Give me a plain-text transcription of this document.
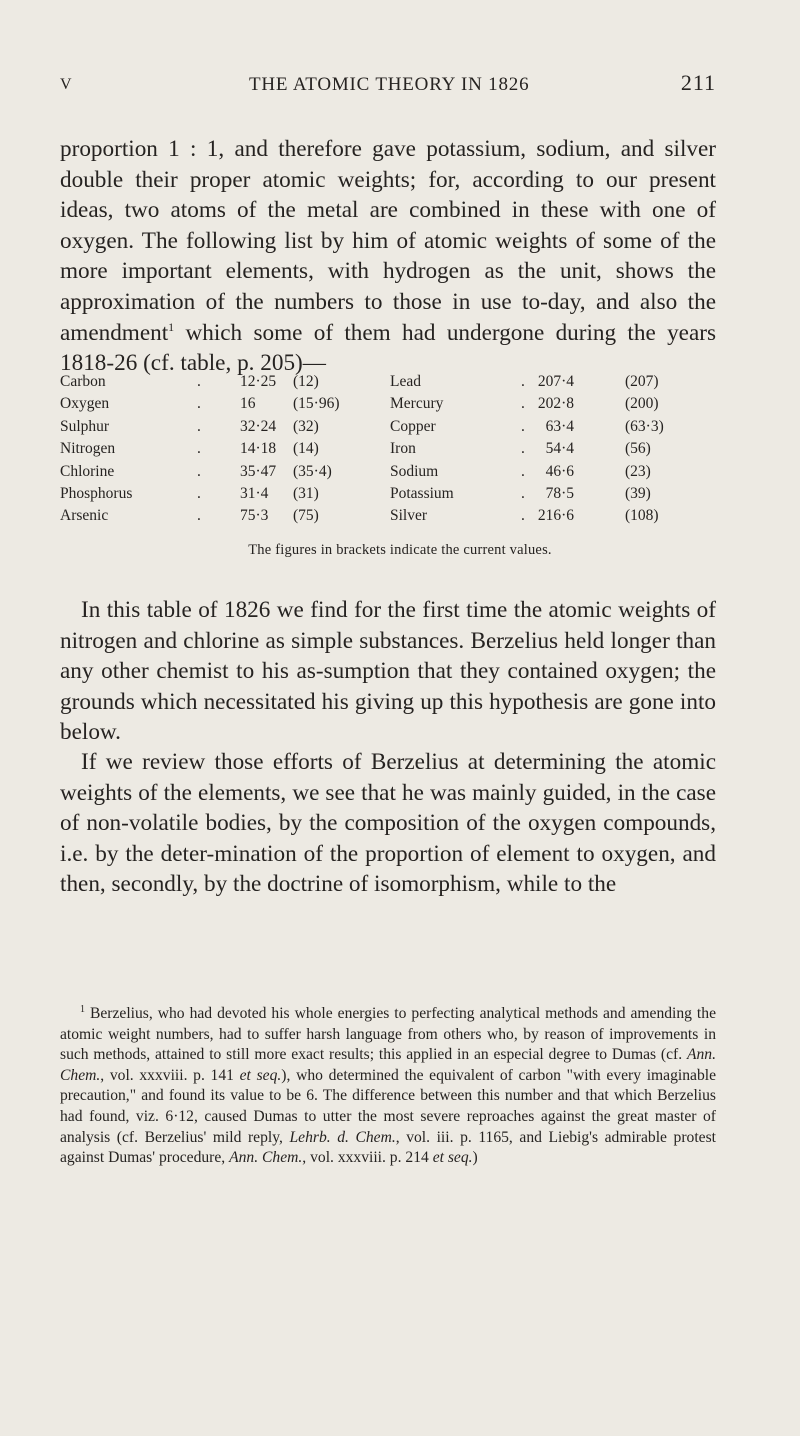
V	THE ATOMIC THEORY IN 1826	211

proportion 1 : 1, and therefore gave potassium, sodium, and silver double their proper atomic weights; for, according to our present ideas, two atoms of the metal are combined in these with one of oxygen. The following list by him of atomic weights of some of the more important elements, with hydrogen as the unit, shows the approximation of the numbers to those in use to-day, and also the amendment$^1$ which some of them had undergone during the years 1818-26 (cf. table, p. 205)—

Carbon	.	12·25 (12)	Lead	. 207·4	(207)
Oxygen	.	16 (15·96)	Mercury	. 202·8	(200)
Sulphur	.	32·24 (32)	Copper	. 63·4	(63·3)
Nitrogen	.	14·18 (14)	Iron	. 54·4	(56)
Chlorine	.	35·47 (35·4)	Sodium	. 46·6	(23)
Phosphorus	.	31·4 (31)	Potassium	. 78·5	(39)
Arsenic	.	75·3 (75)	Silver	. 216·6	(108)
The figures in brackets indicate the current values.

In this table of 1826 we find for the first time the atomic weights of nitrogen and chlorine as simple substances. Berzelius held longer than any other chemist to his as-sumption that they contained oxygen; the grounds which necessitated his giving up this hypothesis are gone into below.

If we review those efforts of Berzelius at determining the atomic weights of the elements, we see that he was mainly guided, in the case of non-volatile bodies, by the composition of the oxygen compounds, i.e. by the deter-mination of the proportion of element to oxygen, and then, secondly, by the doctrine of isomorphism, while to the

$^1$ Berzelius, who had devoted his whole energies to perfecting analytical methods and amending the atomic weight numbers, had to suffer harsh language from others who, by reason of improvements in such methods, attained to still more exact results; this applied in an especial degree to Dumas (cf. Ann. Chem., vol. xxxviii. p. 141 et seq.), who determined the equivalent of carbon "with every imaginable precaution," and found its value to be 6. The difference between this number and that which Berzelius had found, viz. 6·12, caused Dumas to utter the most severe reproaches against the great master of analysis (cf. Berzelius' mild reply, Lehrb. d. Chem., vol. iii. p. 1165, and Liebig's admirable protest against Dumas' procedure, Ann. Chem., vol. xxxviii. p. 214 et seq.)
